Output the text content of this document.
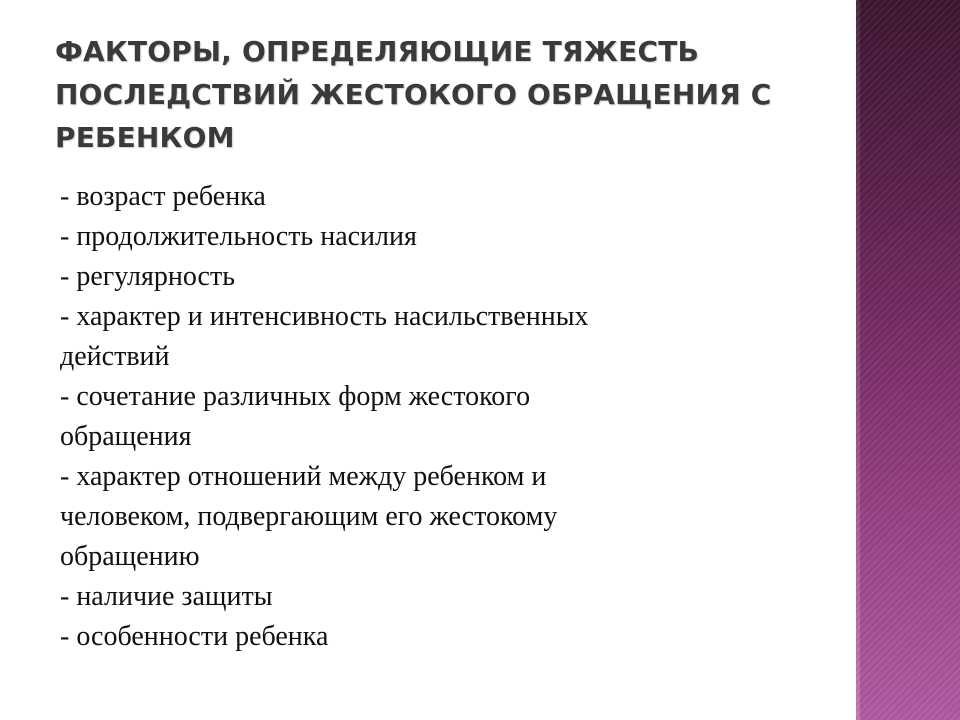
ФАКТОРЫ, ОПРЕДЕЛЯЮЩИЕ ТЯЖЕСТЬ
ПОСЛЕДСТВИЙ ЖЕСТОКОГО ОБРАЩЕНИЯ С
РЕБЕНКОМ
- возраст ребенка
- продолжительность насилия
- регулярность
- характер и интенсивность насильственных
действий
- сочетание различных форм жестокого
обращения
- характер отношений между ребенком и
человеком, подвергающим его жестокому
обращению
- наличие защиты
- особенности ребенка
